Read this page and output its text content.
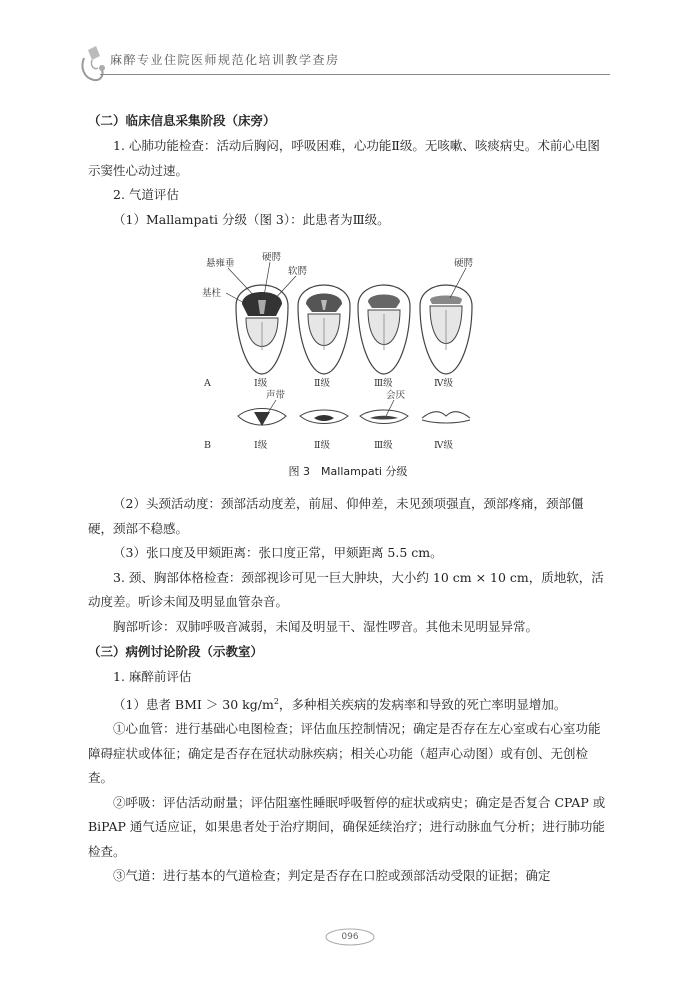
麻醉专业住院医师规范化培训教学查房

（二）临床信息采集阶段（床旁）

1. 心肺功能检查：活动后胸闷，呼吸困难，心功能Ⅱ级。无咳嗽、咳痰病史。术前心电图示窦性心动过速。

2. 气道评估

（1）Mallampati 分级（图 3）：此患者为Ⅲ级。

悬雍垂
硬腭
软腭
基柱
硬腭
A	Ⅰ级	Ⅱ级	Ⅲ级	Ⅳ级
声带	会厌
B	Ⅰ级	Ⅱ级	Ⅲ级	Ⅳ级
图 3　Mallampati 分级

（2）头颈活动度：颈部活动度差，前屈、仰伸差，未见颈项强直，颈部疼痛，颈部僵硬，颈部不稳感。

（3）张口度及甲颏距离：张口度正常，甲颏距离 5.5 cm。

3. 颈、胸部体格检查：颈部视诊可见一巨大肿块，大小约 10 cm × 10 cm，质地软，活动度差。听诊未闻及明显血管杂音。

胸部听诊：双肺呼吸音减弱，未闻及明显干、湿性啰音。其他未见明显异常。

（三）病例讨论阶段（示教室）

1. 麻醉前评估

（1）患者 BMI ＞ 30 $kg/m^2$，多种相关疾病的发病率和导致的死亡率明显增加。

①心血管：进行基础心电图检查；评估血压控制情况；确定是否存在左心室或右心室功能障碍症状或体征；确定是否存在冠状动脉疾病；相关心功能（超声心动图）或有创、无创检查。

②呼吸：评估活动耐量；评估阻塞性睡眠呼吸暂停的症状或病史；确定是否复合 CPAP 或 BiPAP 通气适应证，如果患者处于治疗期间，确保延续治疗；进行动脉血气分析；进行肺功能检查。

③气道：进行基本的气道检查；判定是否存在口腔或颈部活动受限的证据；确定

096
